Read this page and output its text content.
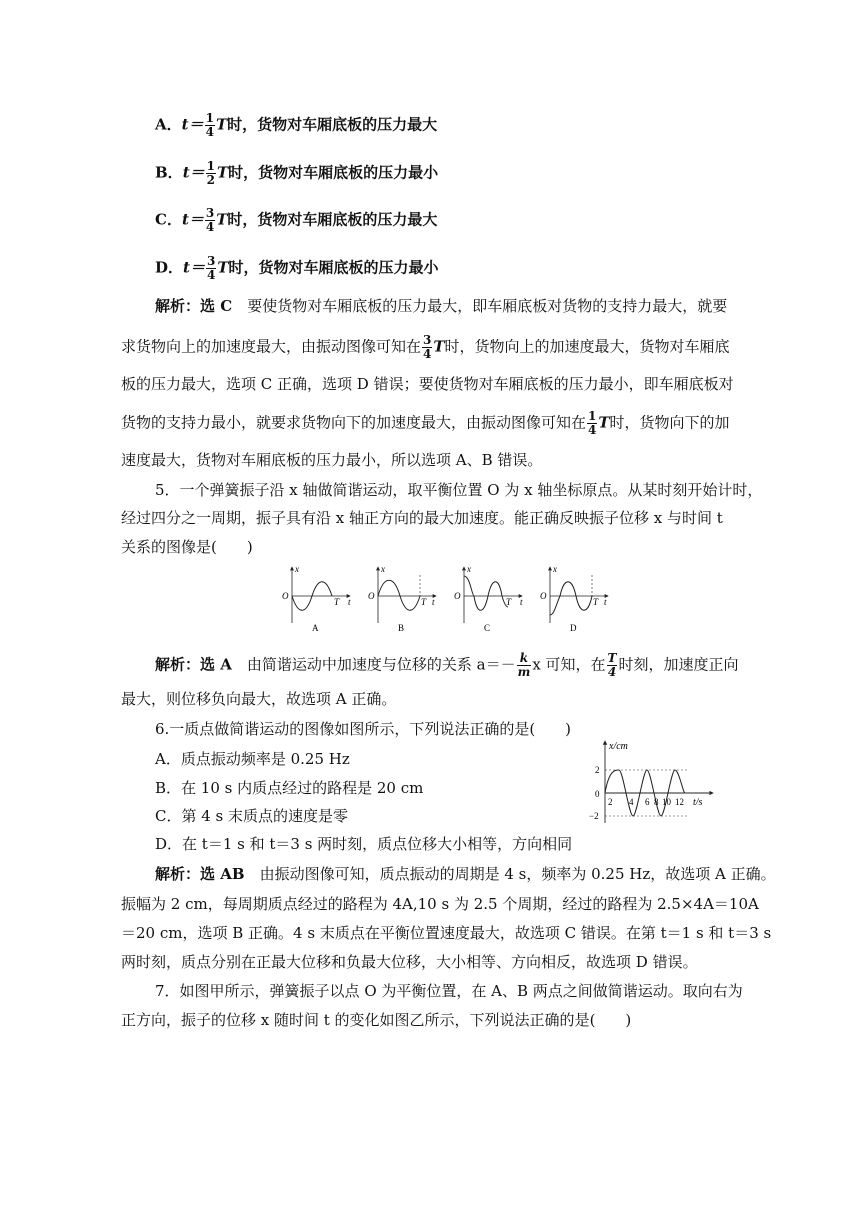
A．$t= \frac{1}{4}$ T时，货物对车厢底板的压力最大
B．$t= \frac{1}{2}$ T时，货物对车厢底板的压力最小
C．$t= \frac{3}{4}$ T时，货物对车厢底板的压力最大
D．$t= \frac{3}{4}$ T时，货物对车厢底板的压力最小
解析：选 C　要使货物对车厢底板的压力最大，即车厢底板对货物的支持力最大，就要
求货物向上的加速度最大，由振动图像可知在 $\frac{3}{4}$ T时，货物向上的加速度最大，货物对车厢底
板的压力最大，选项 C 正确，选项 D 错误；要使货物对车厢底板的压力最小，即车厢底板对
货物的支持力最小，就要求货物向下的加速度最大，由振动图像可知在 $\frac{1}{4}$ T时，货物向下的加
速度最大，货物对车厢底板的压力最小，所以选项 A、B 错误。
5．一个弹簧振子沿 x 轴做简谐运动，取平衡位置 O 为 x 轴坐标原点。从某时刻开始计时，
经过四分之一周期，振子具有沿 x 轴正方向的最大加速度。能正确反映振子位移 x 与时间 t
关系的图像是(　　)
x
O
T t
A
x
O
T t
B
x
O
T t
C
x
O
T t
D
解析：选 A　由简谐运动中加速度与位移的关系 $a=- \frac{k}{m}$ x 可知，在 $\frac{T}{4}$ 时刻，加速度正向
最大，则位移负向最大，故选项 A 正确。
6.一质点做简谐运动的图像如图所示，下列说法正确的是(　　)
A．质点振动频率是 0.25 Hz
B．在 10 s 内质点经过的路程是 20 cm
C．第 4 s 末质点的速度是零
D．在 t＝1 s 和 t＝3 s 两时刻，质点位移大小相等，方向相同
x/cm
t/s
0
2
−2
2 4 6 8 10 12
解析：选 AB　由振动图像可知，质点振动的周期是 4 s，频率为 0.25 Hz，故选项 A 正确。
振幅为 2 cm，每周期质点经过的路程为 4A,10 s 为 2.5 个周期，经过的路程为 2.5×4A＝10A
＝20 cm，选项 B 正确。4 s 末质点在平衡位置速度最大，故选项 C 错误。在第 t＝1 s 和 t＝3 s
两时刻，质点分别在正最大位移和负最大位移，大小相等、方向相反，故选项 D 错误。
7．如图甲所示，弹簧振子以点 O 为平衡位置，在 A、B 两点之间做简谐运动。取向右为
正方向，振子的位移 x 随时间 t 的变化如图乙所示，下列说法正确的是(　　)
